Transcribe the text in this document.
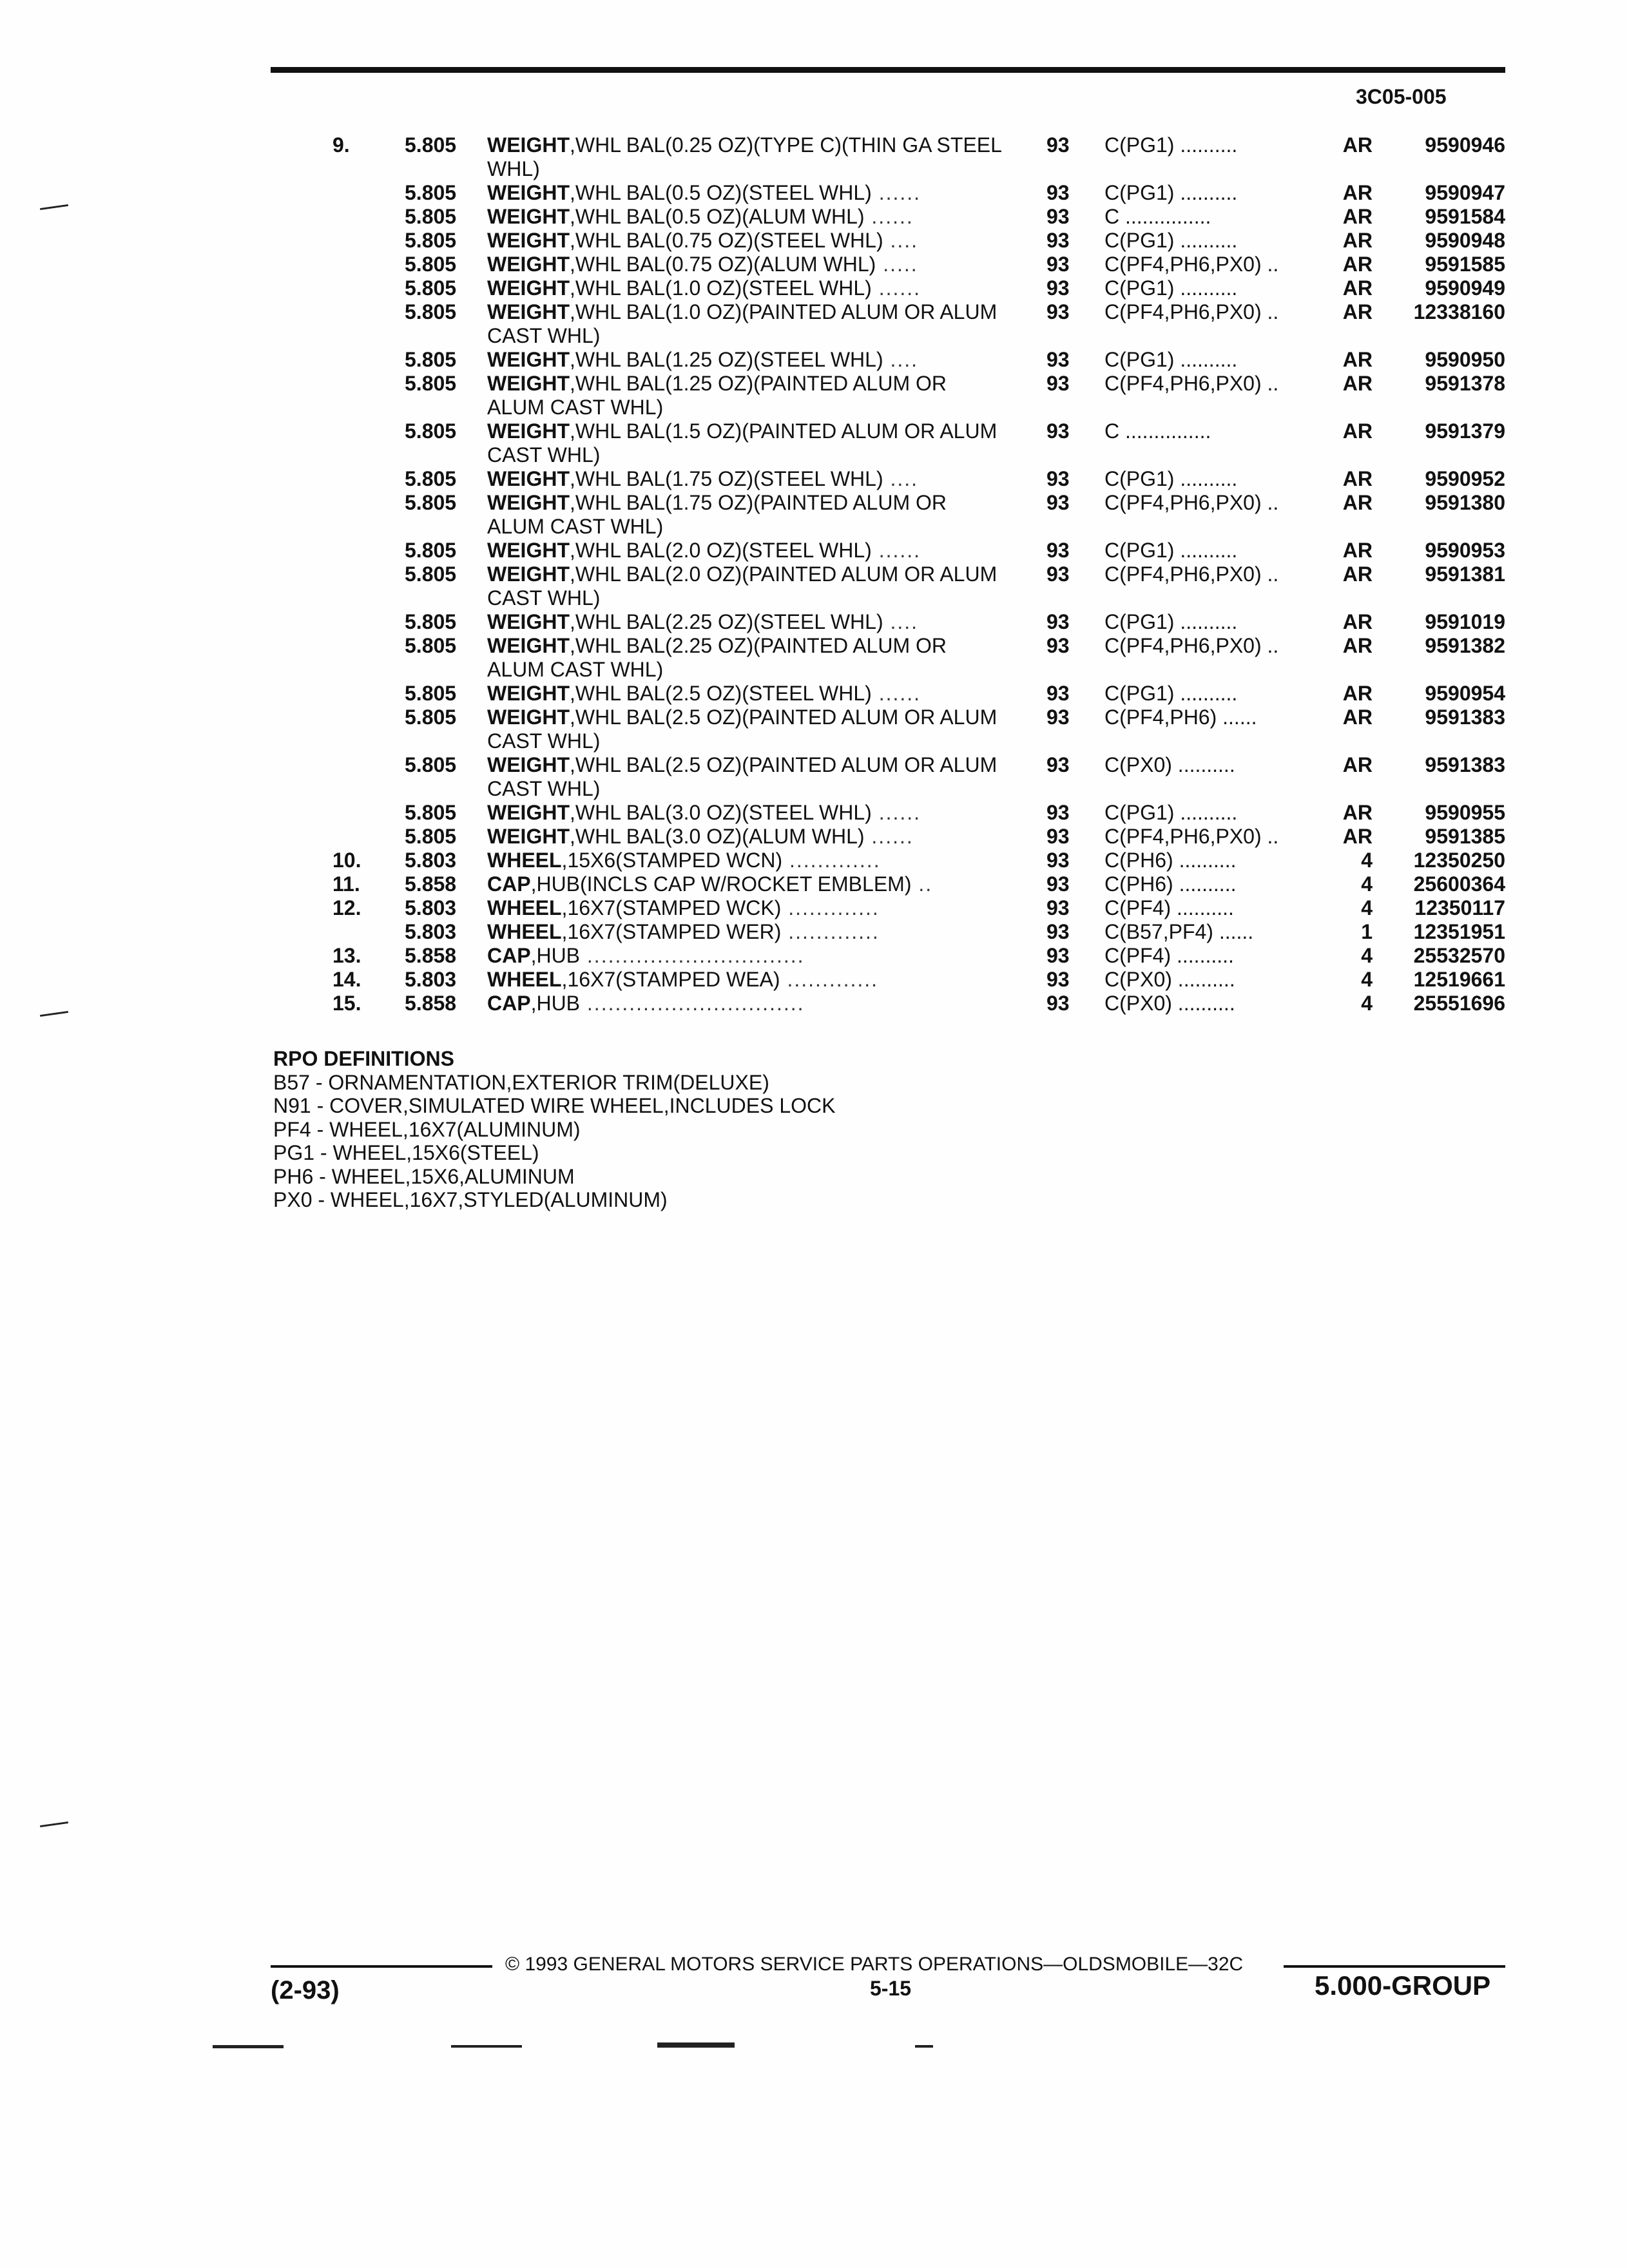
3C05-005
9.	5.805 WEIGHT,WHL BAL(0.25 OZ)(TYPE C)(THIN GA STEEL WHL)
93 C(PG1) ..........	AR	9590946
5.805 WEIGHT,WHL BAL(0.5 OZ)(STEEL WHL) ......	93 C(PG1) ..........	AR	9590947
5.805 WEIGHT,WHL BAL(0.5 OZ)(ALUM WHL) ......	93 C ...............	AR	9591584
5.805 WEIGHT,WHL BAL(0.75 OZ)(STEEL WHL) ....	93 C(PG1) ..........	AR	9590948
5.805 WEIGHT,WHL BAL(0.75 OZ)(ALUM WHL) .....	93 C(PF4,PH6,PX0) ..	AR	9591585
5.805 WEIGHT,WHL BAL(1.0 OZ)(STEEL WHL) ......	93 C(PG1) ..........	AR	9590949
5.805 WEIGHT,WHL BAL(1.0 OZ)(PAINTED ALUM OR ALUM CAST WHL)
93 C(PF4,PH6,PX0) ..	AR	12338160
5.805 WEIGHT,WHL BAL(1.25 OZ)(STEEL WHL) ....	93 C(PG1) ..........	AR	9590950
5.805 WEIGHT,WHL BAL(1.25 OZ)(PAINTED ALUM OR ALUM CAST WHL)
93 C(PF4,PH6,PX0) ..	AR	9591378
5.805 WEIGHT,WHL BAL(1.5 OZ)(PAINTED ALUM OR ALUM CAST WHL)
93 C ...............	AR	9591379
5.805 WEIGHT,WHL BAL(1.75 OZ)(STEEL WHL) ....	93 C(PG1) ..........	AR	9590952
5.805 WEIGHT,WHL BAL(1.75 OZ)(PAINTED ALUM OR ALUM CAST WHL)
93 C(PF4,PH6,PX0) ..	AR	9591380
5.805 WEIGHT,WHL BAL(2.0 OZ)(STEEL WHL) ......	93 C(PG1) ..........	AR	9590953
5.805 WEIGHT,WHL BAL(2.0 OZ)(PAINTED ALUM OR ALUM CAST WHL)
93 C(PF4,PH6,PX0) ..	AR	9591381
5.805 WEIGHT,WHL BAL(2.25 OZ)(STEEL WHL) ....	93 C(PG1) ..........	AR	9591019
5.805 WEIGHT,WHL BAL(2.25 OZ)(PAINTED ALUM OR ALUM CAST WHL)
93 C(PF4,PH6,PX0) ..	AR	9591382
5.805 WEIGHT,WHL BAL(2.5 OZ)(STEEL WHL) ......	93 C(PG1) ..........	AR	9590954
5.805 WEIGHT,WHL BAL(2.5 OZ)(PAINTED ALUM OR ALUM CAST WHL)
93 C(PF4,PH6) ......	AR	9591383
5.805 WEIGHT,WHL BAL(2.5 OZ)(PAINTED ALUM OR ALUM CAST WHL)
93 C(PX0) ..........	AR	9591383
5.805 WEIGHT,WHL BAL(3.0 OZ)(STEEL WHL) ......	93 C(PG1) ..........	AR	9590955
5.805 WEIGHT,WHL BAL(3.0 OZ)(ALUM WHL) ......	93 C(PF4,PH6,PX0) ..	AR	9591385
10. 5.803 WHEEL,15X6(STAMPED WCN) .............	93 C(PH6) ..........	4	12350250
11. 5.858 CAP,HUB(INCLS CAP W/ROCKET EMBLEM) ..	93 C(PH6) ..........	4	25600364
12. 5.803 WHEEL,16X7(STAMPED WCK) .............	93 C(PF4) ..........	4	12350117
5.803 WHEEL,16X7(STAMPED WER) .............	93 C(B57,PF4) ......	1	12351951
13. 5.858 CAP,HUB ...............................	93 C(PF4) ..........	4	25532570
14. 5.803 WHEEL,16X7(STAMPED WEA) .............	93 C(PX0) ..........	4	12519661
15. 5.858 CAP,HUB ...............................	93 C(PX0) ..........	4	25551696
RPO DEFINITIONS
B57 - ORNAMENTATION,EXTERIOR TRIM(DELUXE)
N91 - COVER,SIMULATED WIRE WHEEL,INCLUDES LOCK
PF4 - WHEEL,16X7(ALUMINUM)
PG1 - WHEEL,15X6(STEEL)
PH6 - WHEEL,15X6,ALUMINUM
PX0 - WHEEL,16X7,STYLED(ALUMINUM)
© 1993 GENERAL MOTORS SERVICE PARTS OPERATIONS—OLDSMOBILE—32C
(2-93)	5-15	5.000-GROUP
